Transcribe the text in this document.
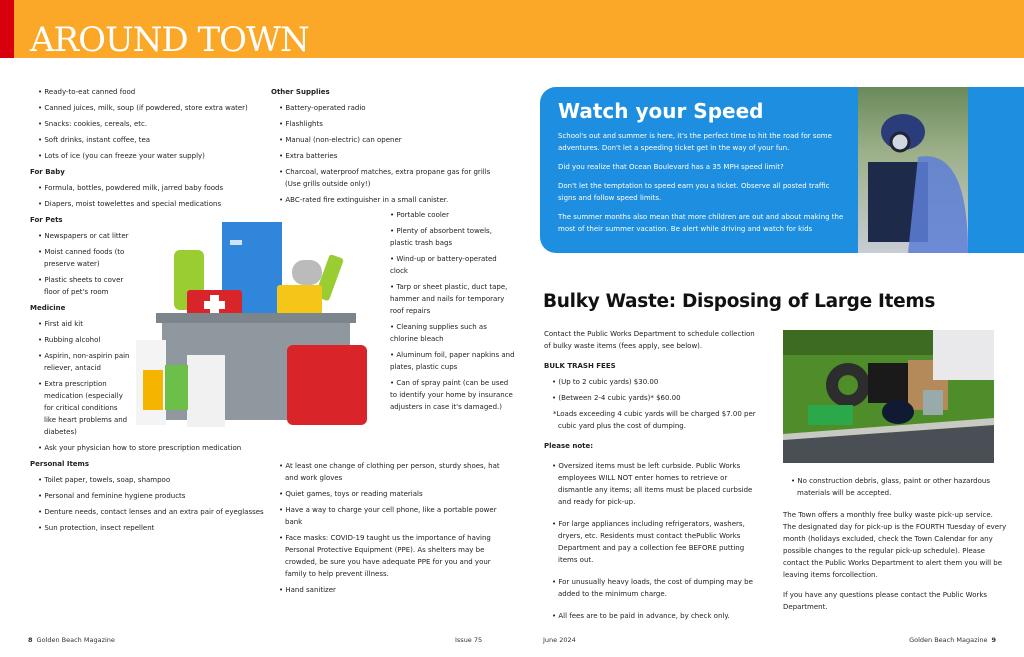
AROUND TOWN
• Ready-to-eat canned food
• Canned juices, milk, soup (if powdered, store extra water)
• Snacks: cookies, cereals, etc.
• Soft drinks, instant coffee, tea
• Lots of ice (you can freeze your water supply)
For Baby
• Formula, bottles, powdered milk, jarred baby foods
• Diapers, moist towelettes and special medications
For Pets
• Newspapers or cat litter
• Moist canned foods (to preserve water)
• Plastic sheets to cover floor of pet's room
Medicine
• First aid kit
• Rubbing alcohol
• Aspirin, non-aspirin pain reliever, antacid
• Extra prescription medication (especially for critical conditions like heart problems and diabetes)
• Ask your physician how to store prescription medication
Personal Items
• Toilet paper, towels, soap, shampoo
• Personal and feminine hygiene products
• Denture needs, contact lenses and an extra pair of eyeglasses
• Sun protection, insect repellent
Other Supplies
• Battery-operated radio
• Flashlights
• Manual (non-electric) can opener
• Extra batteries
• Charcoal, waterproof matches, extra propane gas for grills (Use grills outside only!)
• ABC-rated fire extinguisher in a small canister.
• Portable cooler
• Plenty of absorbent towels, plastic trash bags
• Wind-up or battery-operated clock
• Tarp or sheet plastic, duct tape, hammer and nails for temporary roof repairs
• Cleaning supplies such as chlorine bleach
• Aluminum foil, paper napkins and plates, plastic cups
• Can of spray paint (can be used to identify your home by insurance adjusters in case it's damaged.)
• At least one change of clothing per person, sturdy shoes, hat and work gloves
• Quiet games, toys or reading materials
• Have a way to charge your cell phone, like a portable power bank
• Face masks: COVID-19 taught us the importance of having Personal Protective Equipment (PPE). As shelters may be crowded, be sure you have adequate PPE for you and your family to help prevent illness.
• Hand sanitizer
Watch your Speed

School's out and summer is here, it's the perfect time to hit the road for some adventures. Don't let a speeding ticket get in the way of your fun.

Did you realize that Ocean Boulevard has a 35 MPH speed limit?

Don't let the temptation to speed earn you a ticket. Observe all posted traffic signs and follow speed limits.

The summer months also mean that more children are out and about making the most of their summer vacation. Be alert while driving and watch for kids

Bulky Waste: Disposing of Large Items

Contact the Public Works Department to schedule collection of bulky waste items (fees apply, see below).

BULK TRASH FEES
• (Up to 2 cubic yards) $30.00
• (Between 2-4 cubic yards)* $60.00

*Loads exceeding 4 cubic yards will be charged $7.00 per cubic yard plus the cost of dumping.

Please note:
• Oversized items must be left curbside. Public Works employees WILL NOT enter homes to retrieve or dismantle any items; all items must be placed curbside and ready for pick-up.
• For large appliances including refrigerators, washers, dryers, etc. Residents must contact thePublic Works Department and pay a collection fee BEFORE putting items out.
• For unusually heavy loads, the cost of dumping may be added to the minimum charge.
• All fees are to be paid in advance, by check only.
• No construction debris, glass, paint or other hazardous materials will be accepted.

The Town offers a monthly free bulky waste pick-up service. The designated day for pick-up is the FOURTH Tuesday of every month (holidays excluded, check the Town Calendar for any possible changes to the regular pick-up schedule). Please contact the Public Works Department to alert them you will be leaving items forcollection.

If you have any questions please contact the Public Works Department.

8 Golden Beach Magazine	Issue 75	June 2024	Golden Beach Magazine 9
